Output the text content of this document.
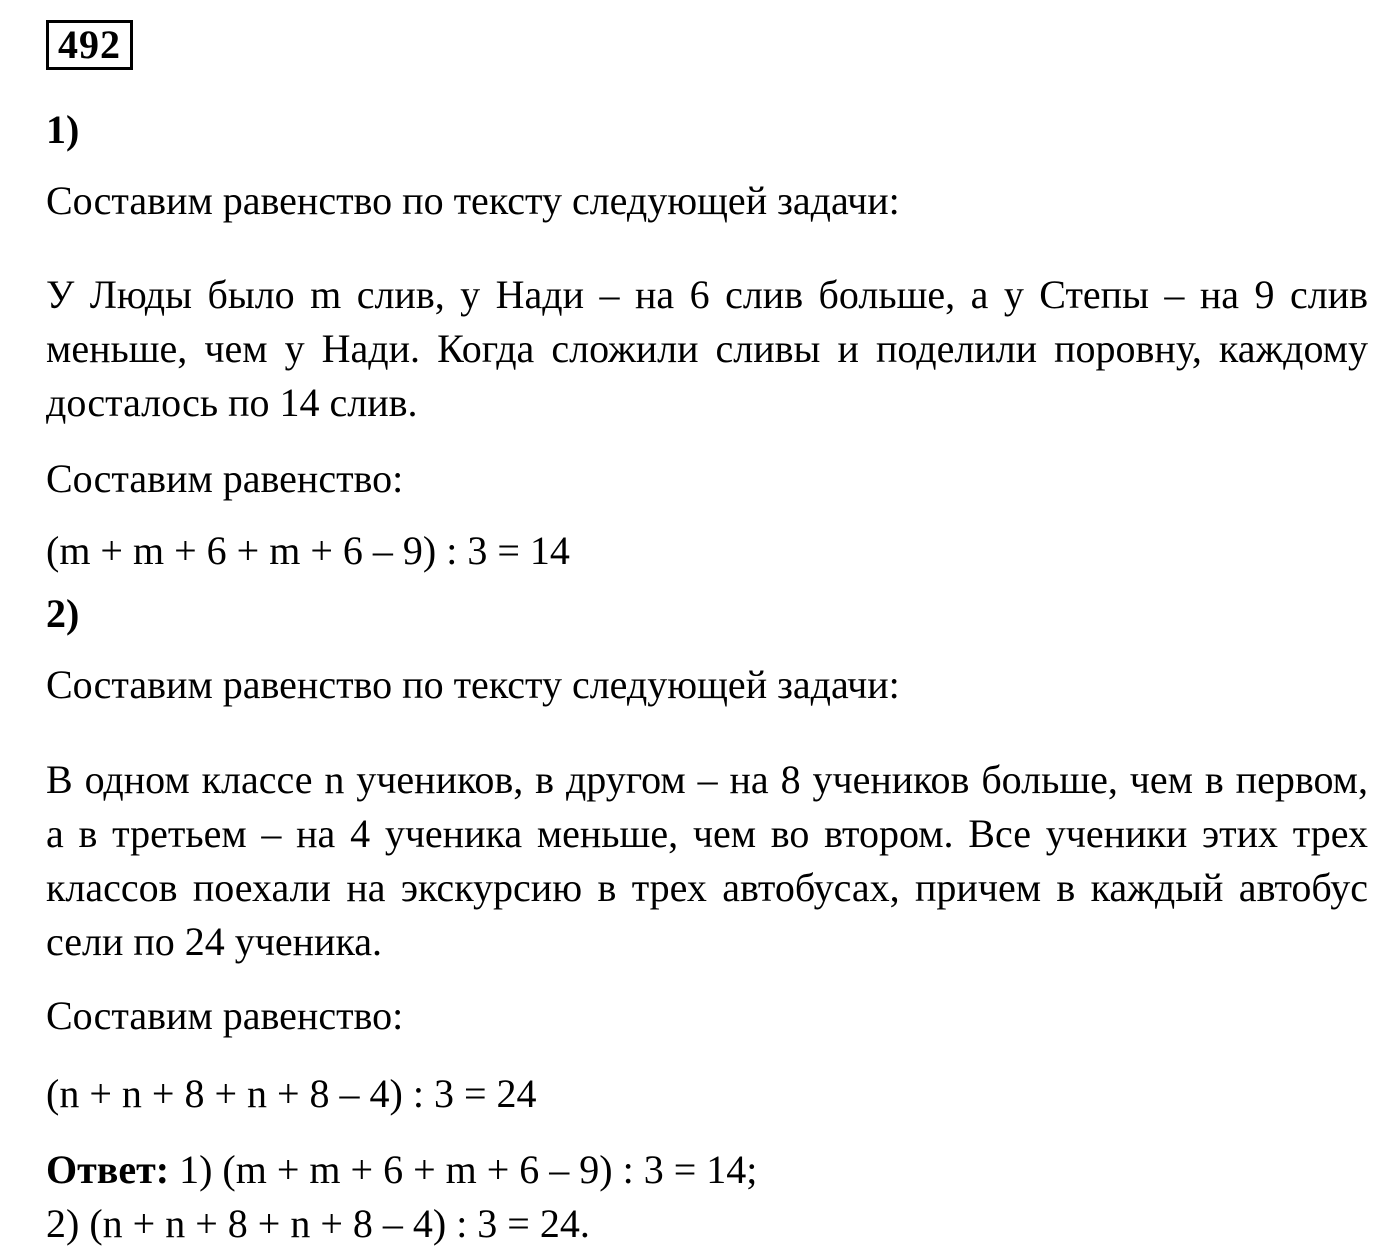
492
1)
Составим равенство по тексту следующей задачи:
У Люды было m слив, у Нади – на 6 слив больше, а у Степы – на 9 слив меньше, чем у Нади. Когда сложили сливы и поделили поровну, каждому досталось по 14 слив.
Составим равенство:
(m + m + 6 + m + 6 – 9) : 3 = 14
2)
Составим равенство по тексту следующей задачи:
В одном классе n учеников, в другом – на 8 учеников больше, чем в первом, а в третьем – на 4 ученика меньше, чем во втором. Все ученики этих трех классов поехали на экскурсию в трех автобусах, причем в каждый автобус сели по 24 ученика.
Составим равенство:
(n + n + 8 + n + 8 – 4) : 3 = 24
Ответ: 1) (m + m + 6 + m + 6 – 9) : 3 = 14;
2) (n + n + 8 + n + 8 – 4) : 3 = 24.
